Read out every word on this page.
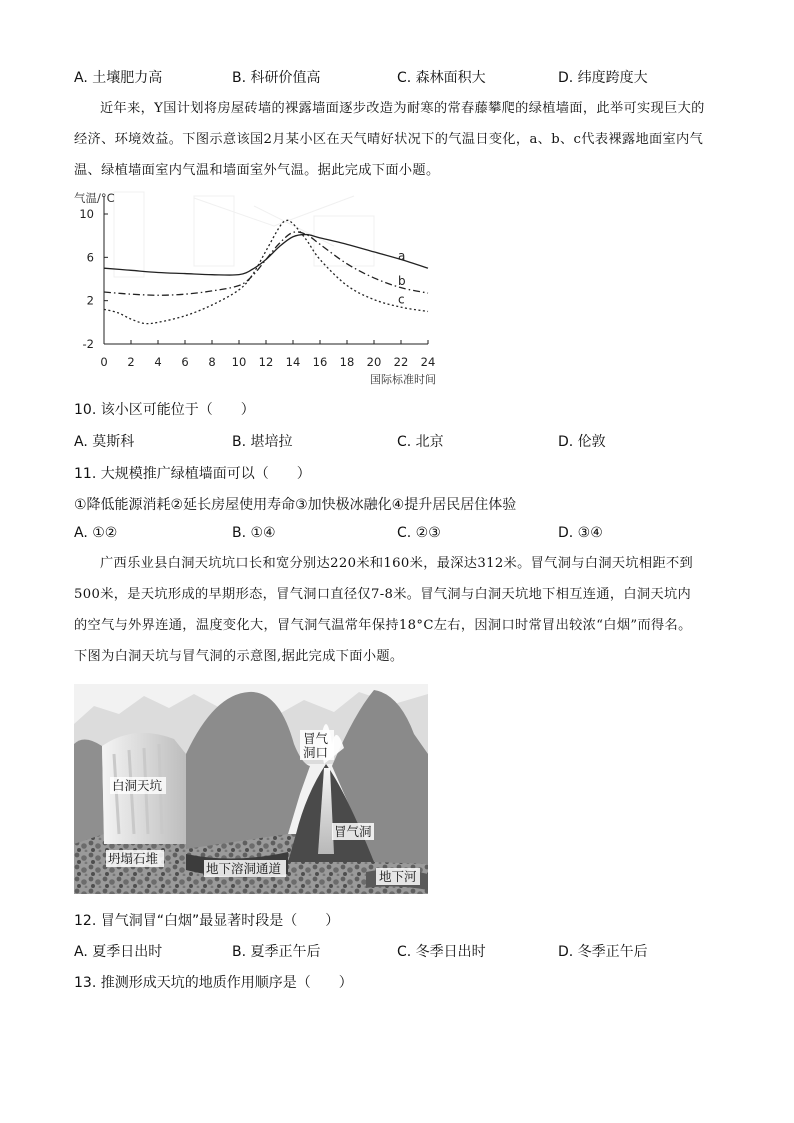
A. 土壤肥力高	B. 科研价值高	C. 森林面积大	D. 纬度跨度大
近年来，Y国计划将房屋砖墙的裸露墙面逐步改造为耐寒的常春藤攀爬的绿植墙面，此举可实现巨大的
经济、环境效益。下图示意该国2月某小区在天气晴好状况下的气温日变化，a、b、c代表裸露地面室内气
温、绿植墙面室内气温和墙面室外气温。据此完成下面小题。
0 2 4 6 8 10 12 14 16 18 20 22 24
-2
2
6
10
a
b
c
气温/°C
国际标准时间
10. 该小区可能位于（　　）
A. 莫斯科	B. 堪培拉	C. 北京	D. 伦敦
11. 大规模推广绿植墙面可以（　　）
①降低能源消耗②延长房屋使用寿命③加快极冰融化④提升居民居住体验
A. ①②	B. ①④	C. ②③	D. ③④
广西乐业县白洞天坑坑口长和宽分别达220米和160米，最深达312米。冒气洞与白洞天坑相距不到
500米，是天坑形成的早期形态，冒气洞口直径仅7-8米。冒气洞与白洞天坑地下相互连通，白洞天坑内
的空气与外界连通，温度变化大，冒气洞气温常年保持18°C左右，因洞口时常冒出较浓“白烟”而得名。
下图为白洞天坑与冒气洞的示意图,据此完成下面小题。
冒气
洞口
白洞天坑
冒气洞
坍塌石堆
地下溶洞通道
地下河
12. 冒气洞冒“白烟”最显著时段是（　　）
A. 夏季日出时	B. 夏季正午后	C. 冬季日出时	D. 冬季正午后
13. 推测形成天坑的地质作用顺序是（　　）
